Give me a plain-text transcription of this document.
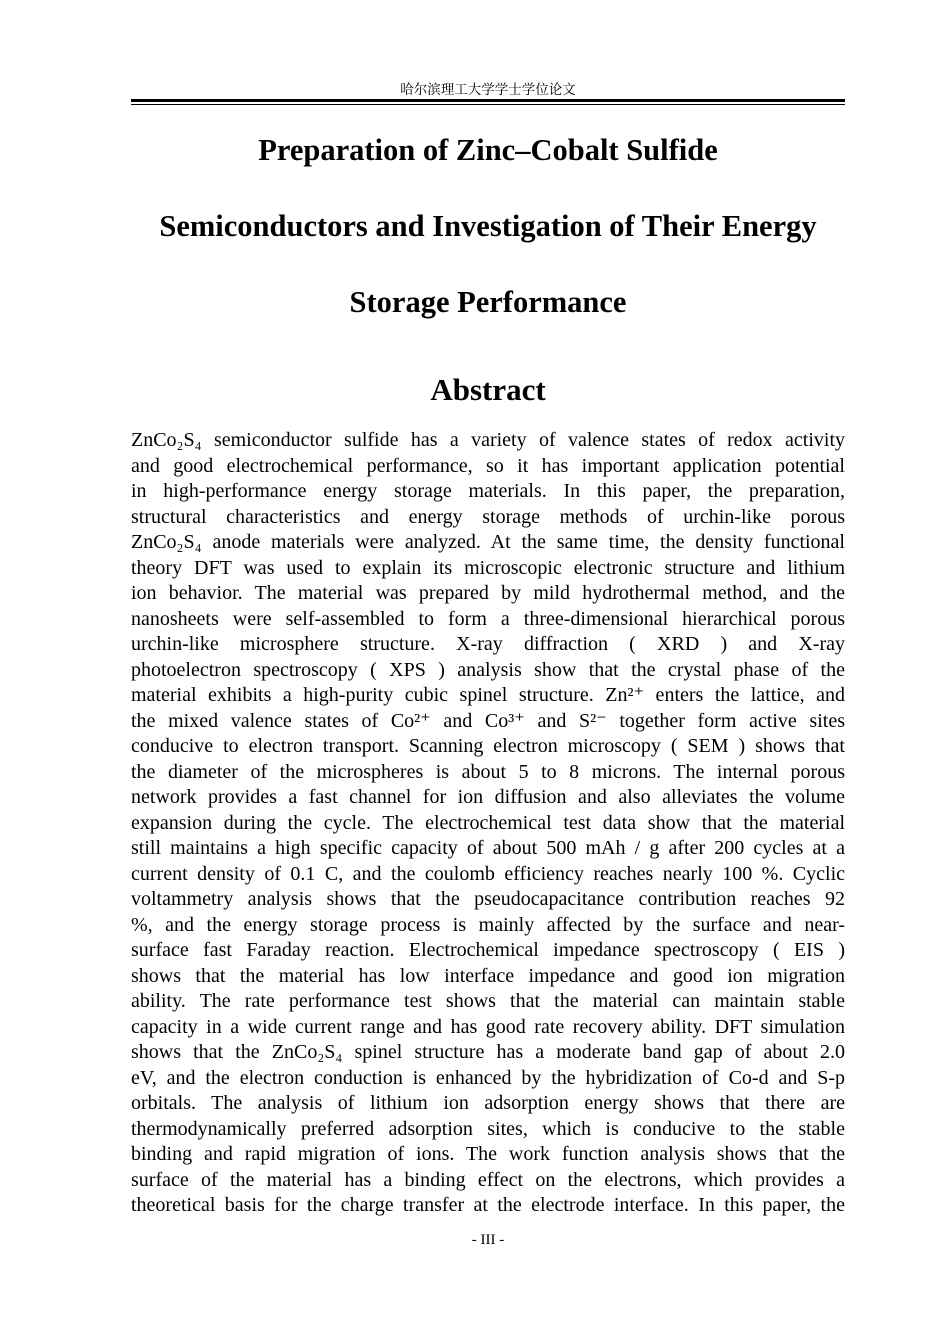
哈尔滨理工大学学士学位论文
Preparation of Zinc–Cobalt Sulfide
Semiconductors and Investigation of Their Energy
Storage Performance
Abstract
ZnCo₂S₄ semiconductor sulfide has a variety of valence states of redox activity
and good electrochemical performance, so it has important application potential
in high-performance energy storage materials. In this paper, the preparation,
structural characteristics and energy storage methods of urchin-like porous
ZnCo₂S₄ anode materials were analyzed. At the same time, the density functional
theory DFT was used to explain its microscopic electronic structure and lithium
ion behavior. The material was prepared by mild hydrothermal method, and the
nanosheets were self-assembled to form a three-dimensional hierarchical porous
urchin-like microsphere structure. X-ray diffraction ( XRD ) and X-ray
photoelectron spectroscopy ( XPS ) analysis show that the crystal phase of the
material exhibits a high-purity cubic spinel structure. Zn²⁺ enters the lattice, and
the mixed valence states of Co²⁺ and Co³⁺ and S²⁻ together form active sites
conducive to electron transport. Scanning electron microscopy ( SEM ) shows that
the diameter of the microspheres is about 5 to 8 microns. The internal porous
network provides a fast channel for ion diffusion and also alleviates the volume
expansion during the cycle. The electrochemical test data show that the material
still maintains a high specific capacity of about 500 mAh / g after 200 cycles at a
current density of 0.1 C, and the coulomb efficiency reaches nearly 100 %. Cyclic
voltammetry analysis shows that the pseudocapacitance contribution reaches 92
%, and the energy storage process is mainly affected by the surface and near-
surface fast Faraday reaction. Electrochemical impedance spectroscopy ( EIS )
shows that the material has low interface impedance and good ion migration
ability. The rate performance test shows that the material can maintain stable
capacity in a wide current range and has good rate recovery ability. DFT simulation
shows that the ZnCo₂S₄ spinel structure has a moderate band gap of about 2.0
eV, and the electron conduction is enhanced by the hybridization of Co-d and S-p
orbitals. The analysis of lithium ion adsorption energy shows that there are
thermodynamically preferred adsorption sites, which is conducive to the stable
binding and rapid migration of ions. The work function analysis shows that the
surface of the material has a binding effect on the electrons, which provides a
theoretical basis for the charge transfer at the electrode interface. In this paper, the
- III -
